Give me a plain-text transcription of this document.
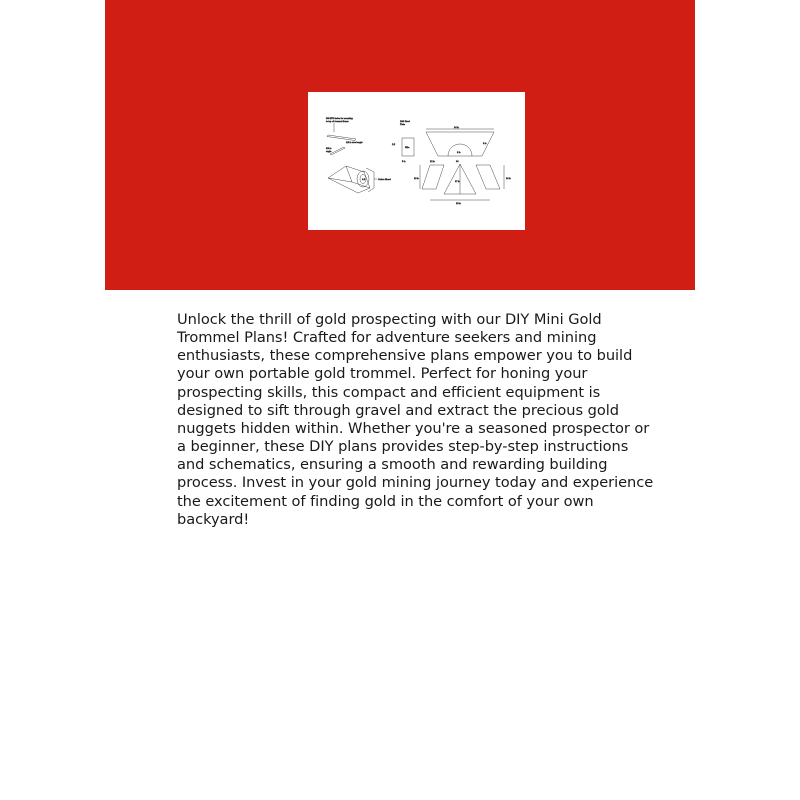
3/4 EPD holes for mounting
to top of trommel frame
1/2 in steel angle
3/4 in
angle
4.5	Cotton Sheet
10G Steel
Plate
Ribs
2.5
5 in
14 in
8 in
3 in
18 in
12 in
17 in
24
16 in
18 in

Unlock the thrill of gold prospecting with our DIY Mini Gold Trommel Plans! Crafted for adventure seekers and mining enthusiasts, these comprehensive plans empower you to build your own portable gold trommel. Perfect for honing your prospecting skills, this compact and efficient equipment is designed to sift through gravel and extract the precious gold nuggets hidden within. Whether you're a seasoned prospector or a beginner, these DIY plans provides step-by-step instructions and schematics, ensuring a smooth and rewarding building process. Invest in your gold mining journey today and experience the excitement of finding gold in the comfort of your own backyard!
